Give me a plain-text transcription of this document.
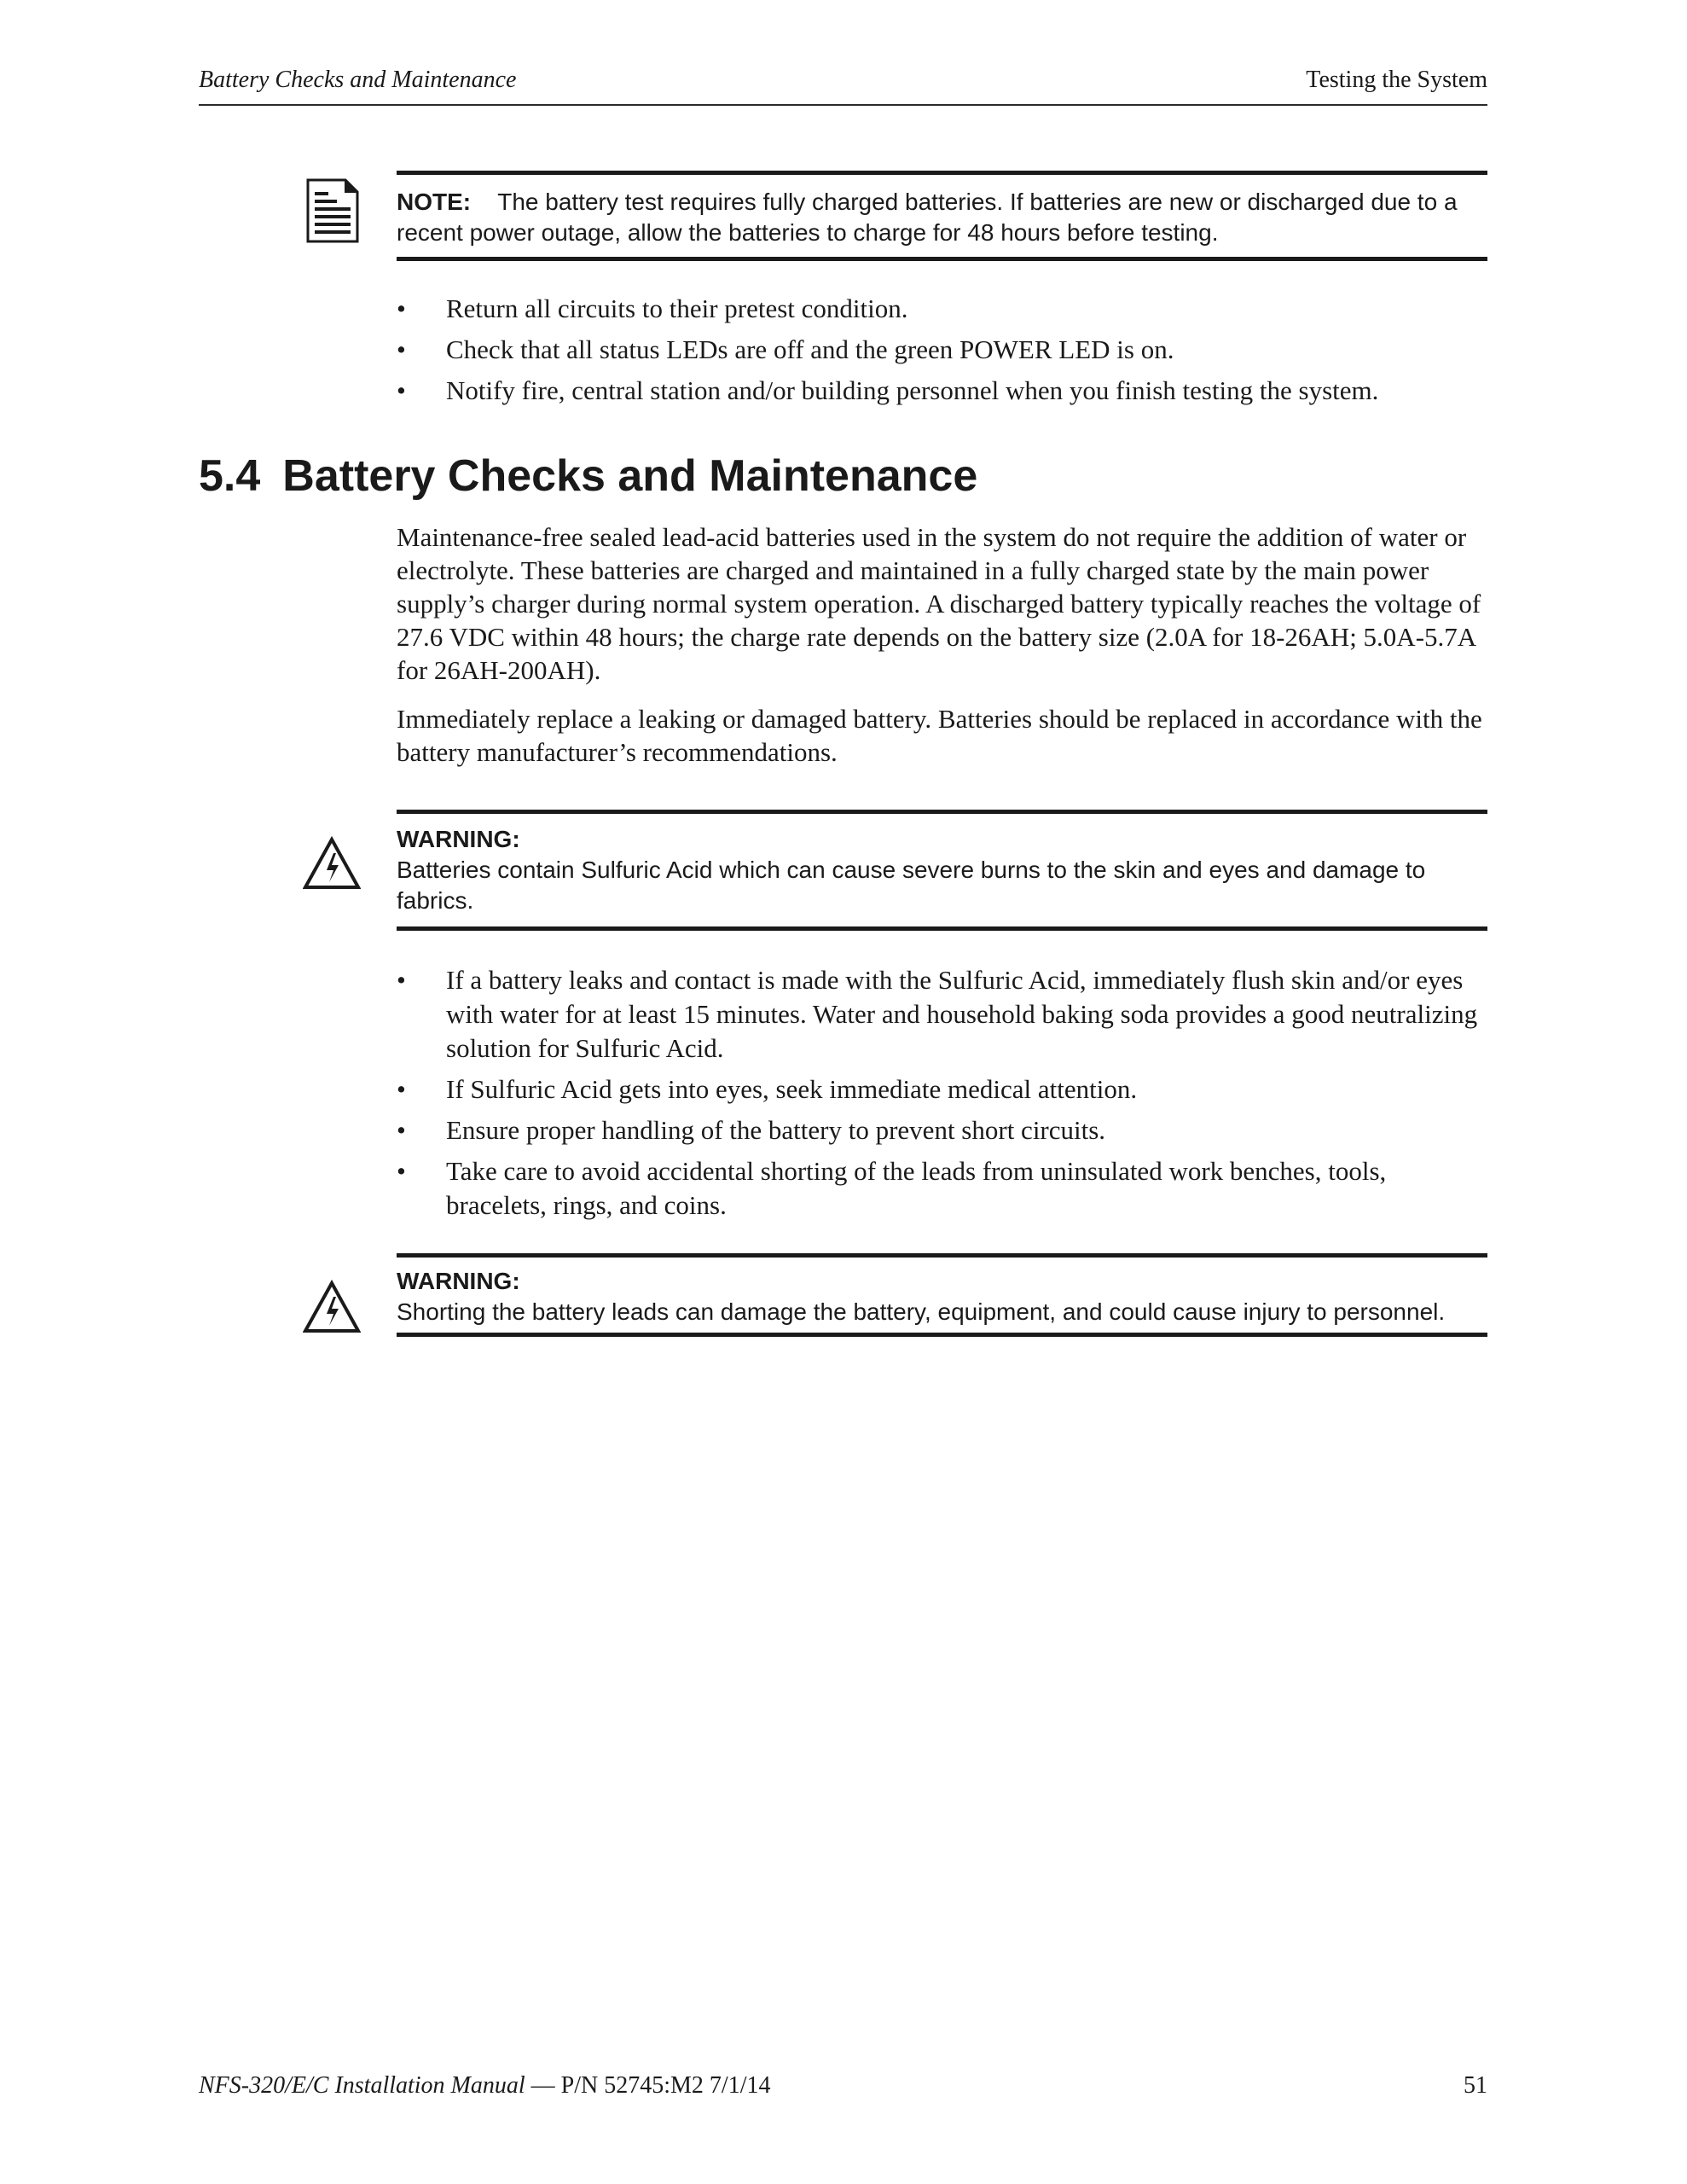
Battery Checks and Maintenance	Testing the System
NOTE: The battery test requires fully charged batteries. If batteries are new or discharged due to a recent power outage, allow the batteries to charge for 48 hours before testing.
• Return all circuits to their pretest condition.
• Check that all status LEDs are off and the green POWER LED is on.
• Notify fire, central station and/or building personnel when you finish testing the system.
5.4 Battery Checks and Maintenance

Maintenance-free sealed lead-acid batteries used in the system do not require the addition of water or electrolyte. These batteries are charged and maintained in a fully charged state by the main power supply’s charger during normal system operation. A discharged battery typically reaches the voltage of 27.6 VDC within 48 hours; the charge rate depends on the battery size (2.0A for 18-26AH; 5.0A-5.7A for 26AH-200AH).

Immediately replace a leaking or damaged battery. Batteries should be replaced in accordance with the battery manufacturer’s recommendations.

WARNING:
Batteries contain Sulfuric Acid which can cause severe burns to the skin and eyes and damage to fabrics.
• If a battery leaks and contact is made with the Sulfuric Acid, immediately flush skin and/or eyes with water for at least 15 minutes. Water and household baking soda provides a good neutralizing solution for Sulfuric Acid.
• If Sulfuric Acid gets into eyes, seek immediate medical attention.
• Ensure proper handling of the battery to prevent short circuits.
• Take care to avoid accidental shorting of the leads from uninsulated work benches, tools, bracelets, rings, and coins.
WARNING:
Shorting the battery leads can damage the battery, equipment, and could cause injury to personnel.
NFS-320/E/C Installation Manual — P/N 52745:M2 7/1/14	51
